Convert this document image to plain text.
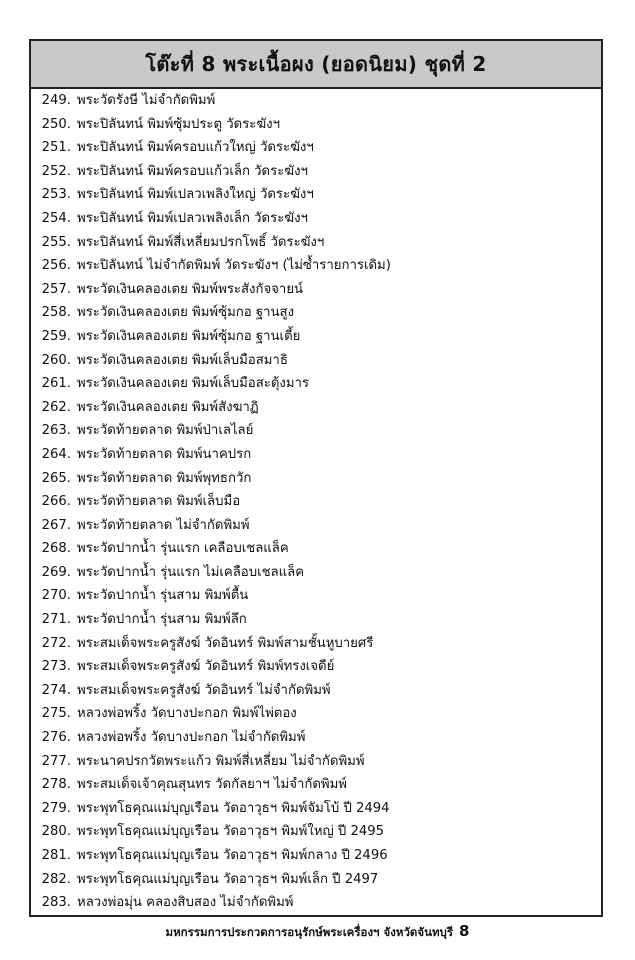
โต๊ะที่ 8 พระเนื้อผง (ยอดนิยม) ชุดที่ 2
249. พระวัดรังษี ไม่จำกัดพิมพ์
250. พระปิลันทน์ พิมพ์ซุ้มประตู วัดระฆังฯ
251. พระปิลันทน์ พิมพ์ครอบแก้วใหญ่ วัดระฆังฯ
252. พระปิลันทน์ พิมพ์ครอบแก้วเล็ก วัดระฆังฯ
253. พระปิลันทน์ พิมพ์เปลวเพลิงใหญ่ วัดระฆังฯ
254. พระปิลันทน์ พิมพ์เปลวเพลิงเล็ก วัดระฆังฯ
255. พระปิลันทน์ พิมพ์สี่เหลี่ยมปรกโพธิ์ วัดระฆังฯ
256. พระปิลันทน์ ไม่จำกัดพิมพ์ วัดระฆังฯ (ไม่ซ้ำรายการเดิม)
257. พระวัดเงินคลองเตย พิมพ์พระสังกัจจายน์
258. พระวัดเงินคลองเตย พิมพ์ซุ้มกอ ฐานสูง
259. พระวัดเงินคลองเตย พิมพ์ซุ้มกอ ฐานเตี้ย
260. พระวัดเงินคลองเตย พิมพ์เล็บมือสมาธิ
261. พระวัดเงินคลองเตย พิมพ์เล็บมือสะดุ้งมาร
262. พระวัดเงินคลองเตย พิมพ์สังฆาฏิ
263. พระวัดท้ายตลาด พิมพ์ป่าเลไลย์
264. พระวัดท้ายตลาด พิมพ์นาคปรก
265. พระวัดท้ายตลาด พิมพ์พุทธกวัก
266. พระวัดท้ายตลาด พิมพ์เล็บมือ
267. พระวัดท้ายตลาด ไม่จำกัดพิมพ์
268. พระวัดปากน้ำ รุ่นแรก เคลือบเชลแล็ค
269. พระวัดปากน้ำ รุ่นแรก ไม่เคลือบเชลแล็ค
270. พระวัดปากน้ำ รุ่นสาม พิมพ์ตื้น
271. พระวัดปากน้ำ รุ่นสาม พิมพ์ลึก
272. พระสมเด็จพระครูสังฆ์ วัดอินทร์ พิมพ์สามชั้นหูบายศรี
273. พระสมเด็จพระครูสังฆ์ วัดอินทร์ พิมพ์ทรงเจดีย์
274. พระสมเด็จพระครูสังฆ์ วัดอินทร์ ไม่จำกัดพิมพ์
275. หลวงพ่อพริ้ง วัดบางปะกอก พิมพ์ไพ่ตอง
276. หลวงพ่อพริ้ง วัดบางปะกอก ไม่จำกัดพิมพ์
277. พระนาคปรกวัดพระแก้ว พิมพ์สี่เหลี่ยม ไม่จำกัดพิมพ์
278. พระสมเด็จเจ้าคุณสุนทร วัดกัลยาฯ ไม่จำกัดพิมพ์
279. พระพุทโธคุณแม่บุญเรือน วัดอาวุธฯ พิมพ์จัมโบ้ ปี 2494
280. พระพุทโธคุณแม่บุญเรือน วัดอาวุธฯ พิมพ์ใหญ่ ปี 2495
281. พระพุทโธคุณแม่บุญเรือน วัดอาวุธฯ พิมพ์กลาง ปี 2496
282. พระพุทโธคุณแม่บุญเรือน วัดอาวุธฯ พิมพ์เล็ก ปี 2497
283. หลวงพ่อมุ่น คลองสิบสอง ไม่จำกัดพิมพ์
มหกรรมการประกวดการอนุรักษ์พระเครื่องฯ จังหวัดจันทบุรี 8
